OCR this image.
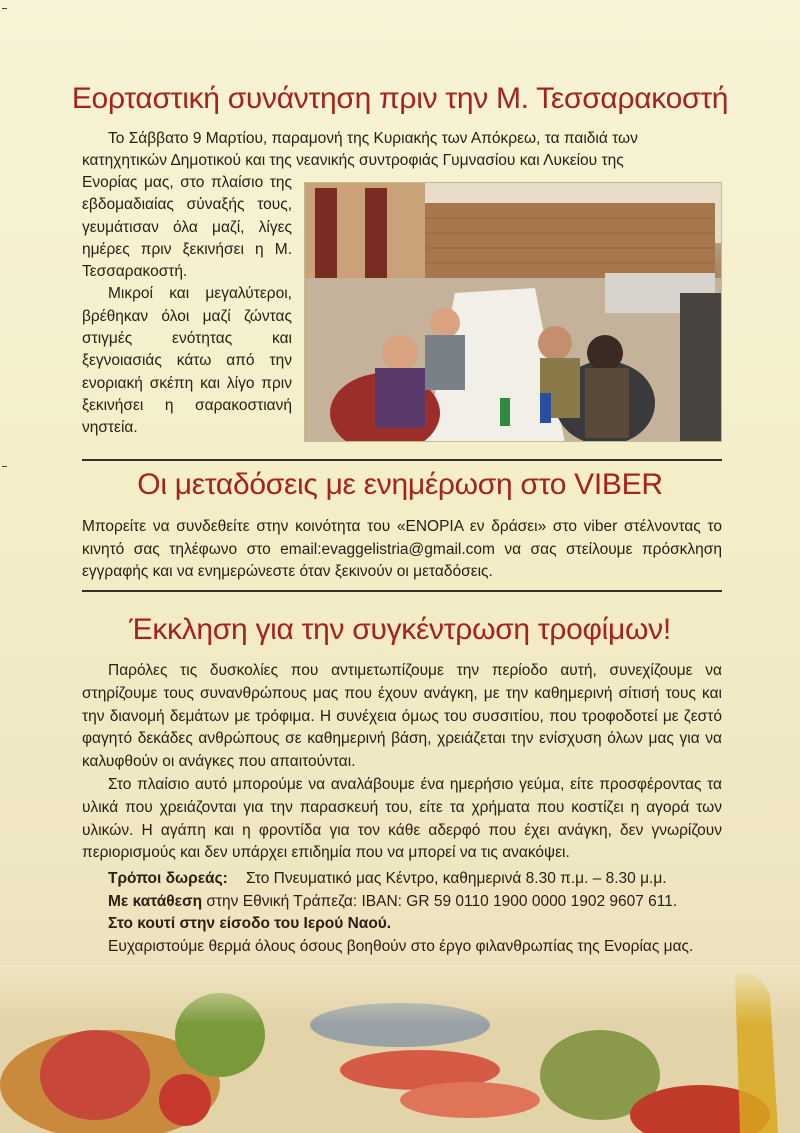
Εορταστική συνάντηση πριν την Μ. Τεσσαρακοστή
Το Σάββατο 9 Μαρτίου, παραμονή της Κυριακής των Απόκρεω, τα παιδιά των
κατηχητικών Δημοτικού και της νεανικής συντροφιάς Γυμνασίου και Λυκείου της

Ενορίας μας, στο πλαίσιο της εβδομαδιαίας σύναξής τους, γευμάτισαν όλα μαζί, λίγες ημέρες πριν ξεκινήσει η Μ. Τεσσαρακοστή.

Μικροί και μεγαλύτεροι, βρέθηκαν όλοι μαζί ζώντας στιγμές ενότητας και ξεγνοιασιάς κάτω από την ενοριακή σκέπη και λίγο πριν ξεκινήσει η σαρακοστιανή νηστεία.

Οι μεταδόσεις με ενημέρωση στο VIBER

Μπορείτε να συνδεθείτε στην κοινότητα του «ΕΝΟΡΙΑ εν δράσει» στο viber στέλνοντας το κινητό σας τηλέφωνο στο email:evaggelistria@gmail.com να σας στείλουμε πρόσκληση εγγραφής και να ενημερώνεστε όταν ξεκινούν οι μεταδόσεις.

Έκκληση για την συγκέντρωση τροφίμων!

Παρόλες τις δυσκολίες που αντιμετωπίζουμε την περίοδο αυτή, συνεχίζουμε να στηρίζουμε τους συνανθρώπους μας που έχουν ανάγκη, με την καθημερινή σίτισή τους και την διανομή δεμάτων με τρόφιμα. Η συνέχεια όμως του συσσιτίου, που τροφοδοτεί με ζεστό φαγητό δεκάδες ανθρώπους σε καθημερινή βάση, χρειάζεται την ενίσχυση όλων μας για να καλυφθούν οι ανάγκες που απαιτούνται.

Στο πλαίσιο αυτό μπορούμε να αναλάβουμε ένα ημερήσιο γεύμα, είτε προσφέροντας τα υλικά που χρειάζονται για την παρασκευή του, είτε τα χρήματα που κοστίζει η αγορά των υλικών. Η αγάπη και η φροντίδα για τον κάθε αδερφό που έχει ανάγκη, δεν γνωρίζουν περιορισμούς και δεν υπάρχει επιδημία που να μπορεί να τις ανακόψει.

Τρόποι δωρεάς: Στο Πνευματικό μας Κέντρο, καθημερινά 8.30 π.μ. – 8.30 μ.μ.
Με κατάθεση στην Εθνική Τράπεζα: IBAN: GR 59 0110 1900 0000 1902 9607 611.
Στο κουτί στην είσοδο του Ιερού Ναού.
Ευχαριστούμε θερμά όλους όσους βοηθούν στο έργο φιλανθρωπίας της Ενορίας μας.
